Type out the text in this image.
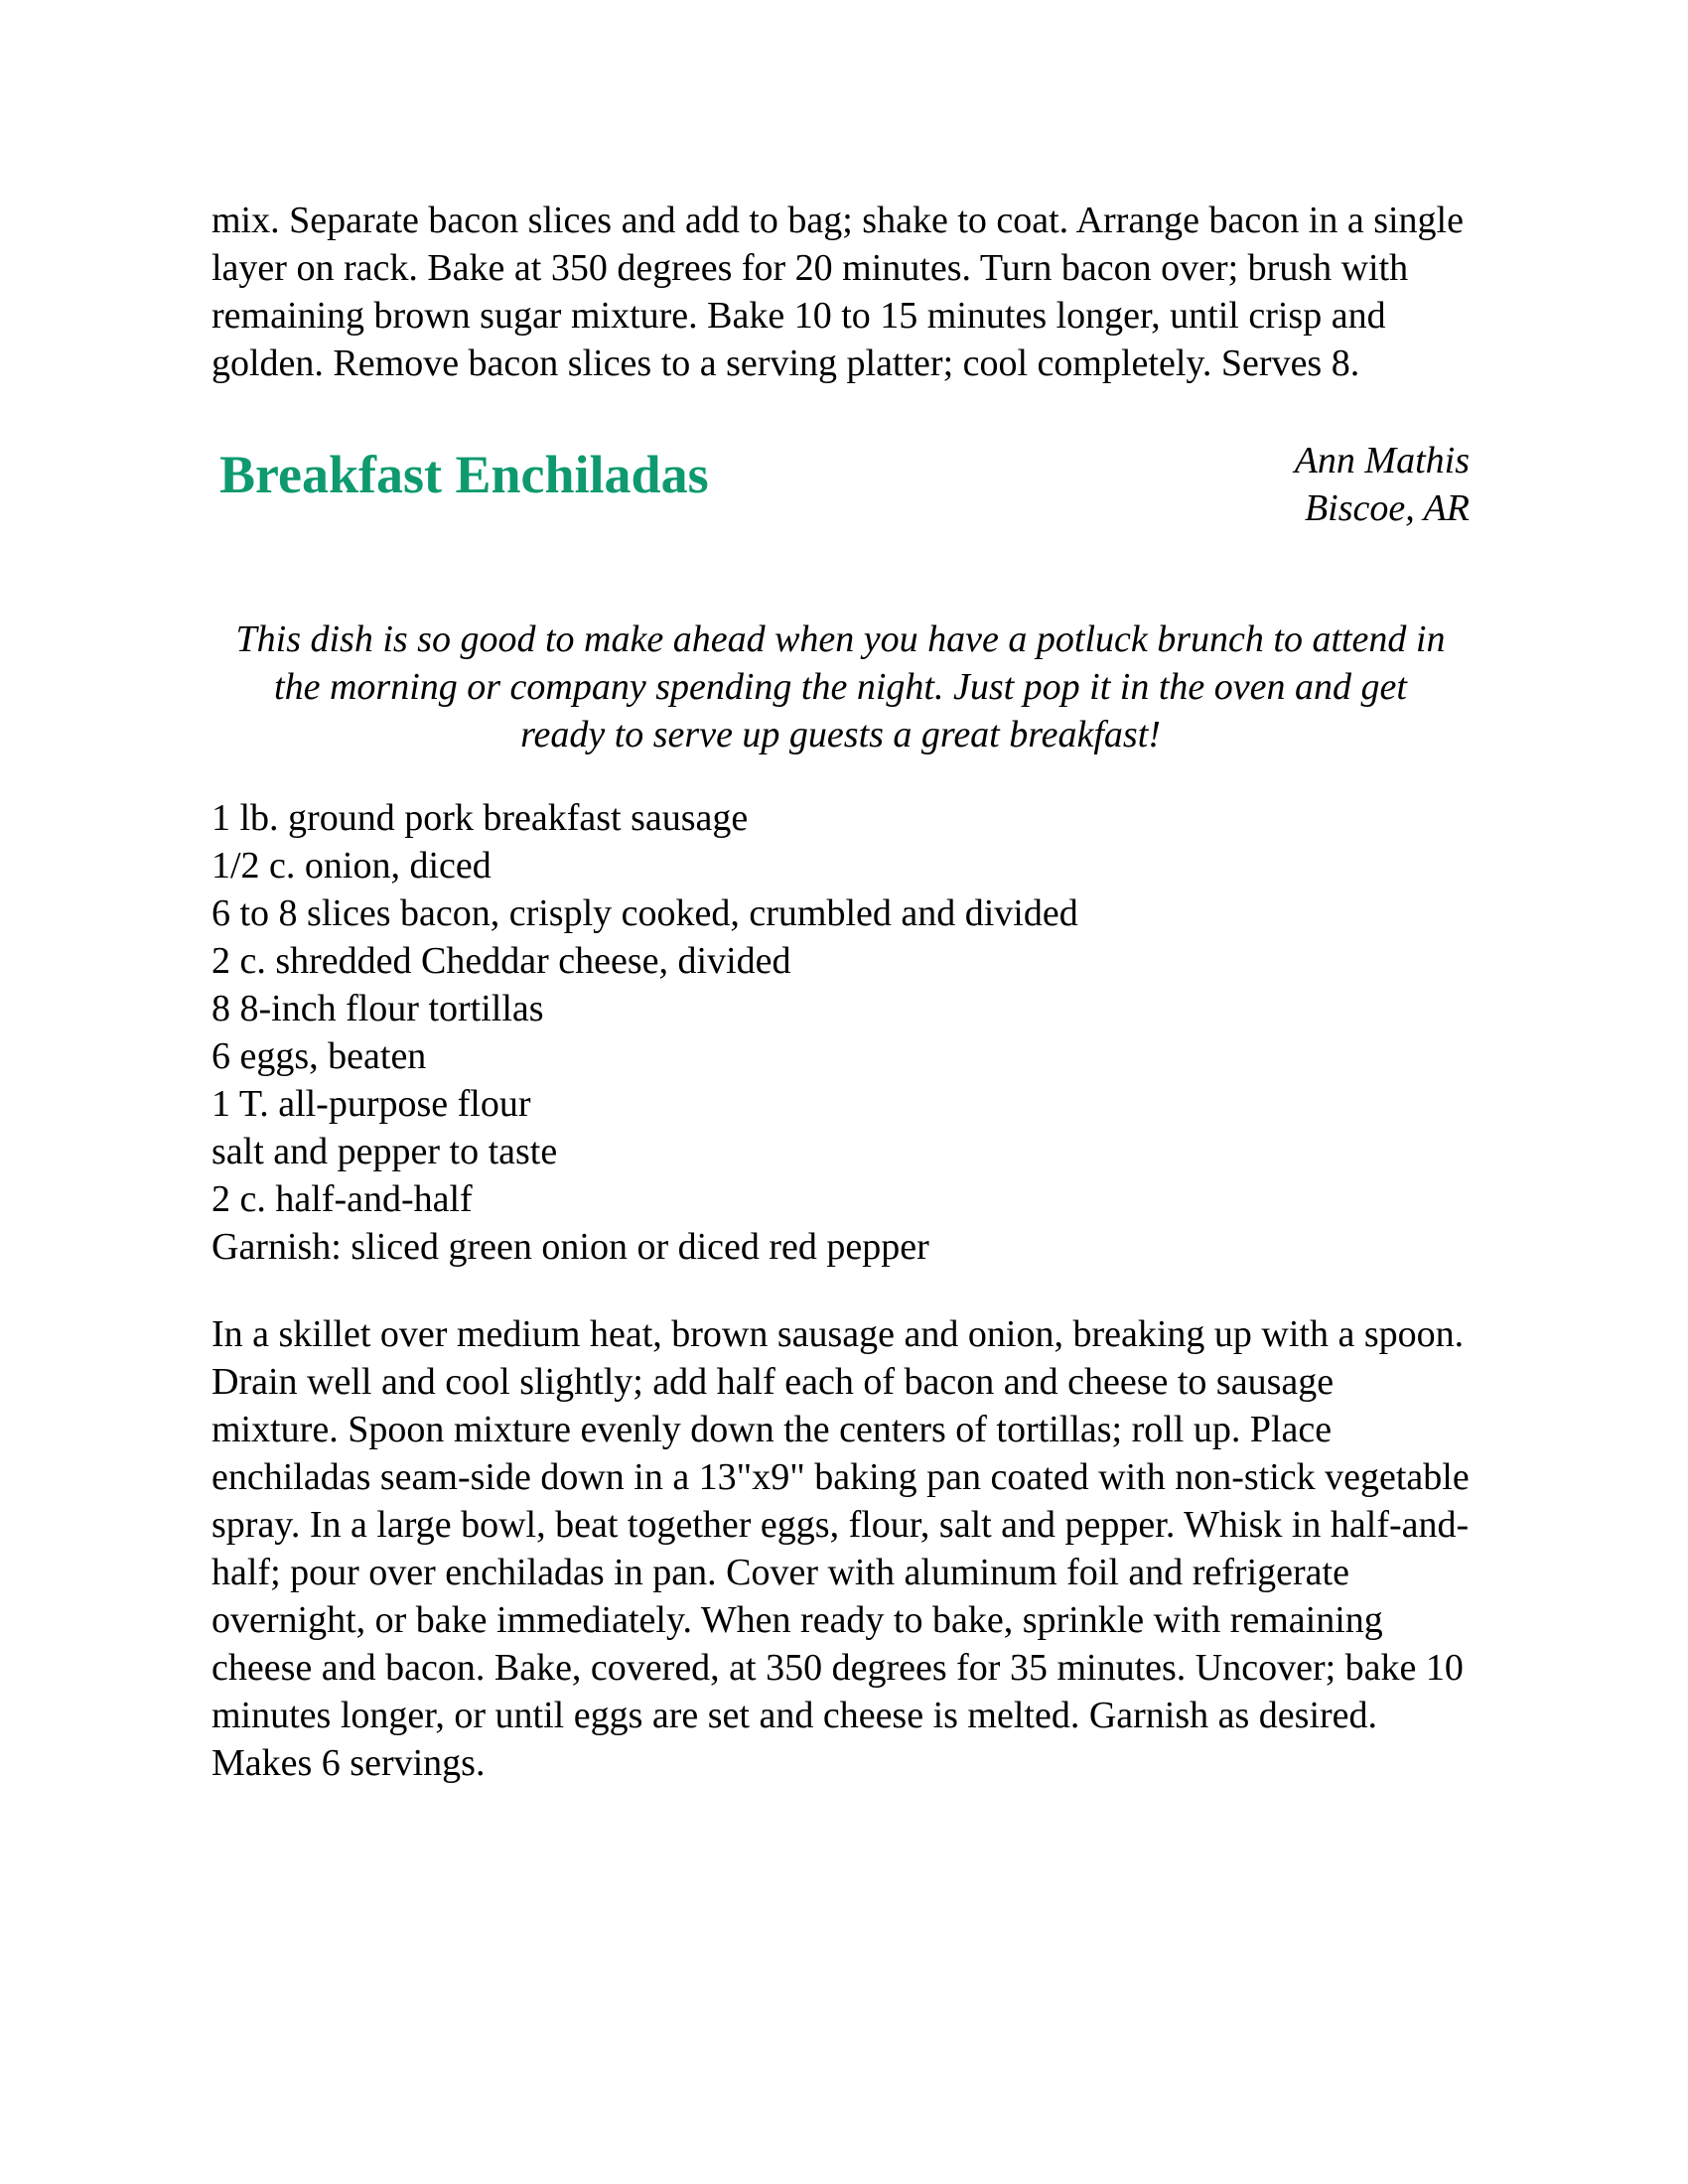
mix. Separate bacon slices and add to bag; shake to coat. Arrange bacon in a single layer on rack. Bake at 350 degrees for 20 minutes. Turn bacon over; brush with remaining brown sugar mixture. Bake 10 to 15 minutes longer, until crisp and golden. Remove bacon slices to a serving platter; cool completely. Serves 8.

Breakfast Enchiladas	Ann Mathis
Biscoe, AR

This dish is so good to make ahead when you have a potluck brunch to attend in the morning or company spending the night. Just pop it in the oven and get ready to serve up guests a great breakfast!

1 lb. ground pork breakfast sausage
1/2 c. onion, diced
6 to 8 slices bacon, crisply cooked, crumbled and divided
2 c. shredded Cheddar cheese, divided
8 8-inch flour tortillas
6 eggs, beaten
1 T. all-purpose flour
salt and pepper to taste
2 c. half-and-half
Garnish: sliced green onion or diced red pepper

In a skillet over medium heat, brown sausage and onion, breaking up with a spoon. Drain well and cool slightly; add half each of bacon and cheese to sausage mixture. Spoon mixture evenly down the centers of tortillas; roll up. Place enchiladas seam-side down in a 13"x9" baking pan coated with non-stick vegetable spray. In a large bowl, beat together eggs, flour, salt and pepper. Whisk in half-and-half; pour over enchiladas in pan. Cover with aluminum foil and refrigerate overnight, or bake immediately. When ready to bake, sprinkle with remaining cheese and bacon. Bake, covered, at 350 degrees for 35 minutes. Uncover; bake 10 minutes longer, or until eggs are set and cheese is melted. Garnish as desired. Makes 6 servings.
